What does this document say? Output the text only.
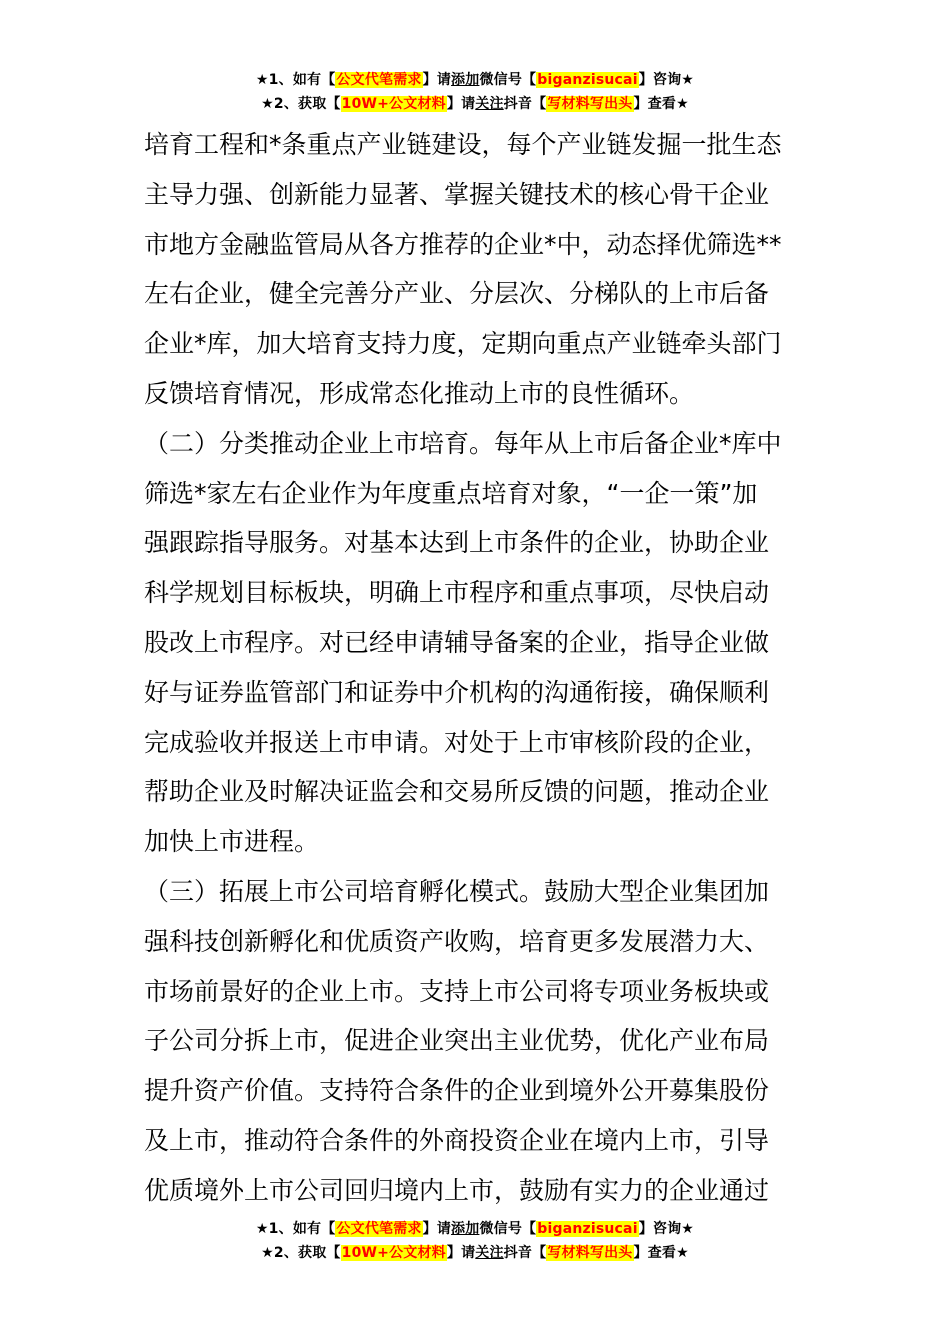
★1、如有【公文代笔需求】请添加微信号【biganzisucai】咨询★
★2、获取【10W+公文材料】请关注抖音【写材料写出头】查看★
培育工程和*条重点产业链建设，每个产业链发掘一批生态
主导力强、创新能力显著、掌握关键技术的核心骨干企业
市地方金融监管局从各方推荐的企业*中，动态择优筛选**
左右企业，健全完善分产业、分层次、分梯队的上市后备
企业*库，加大培育支持力度，定期向重点产业链牵头部门
反馈培育情况，形成常态化推动上市的良性循环。
（二）分类推动企业上市培育。每年从上市后备企业*库中
筛选*家左右企业作为年度重点培育对象，“一企一策”加
强跟踪指导服务。对基本达到上市条件的企业，协助企业
科学规划目标板块，明确上市程序和重点事项，尽快启动
股改上市程序。对已经申请辅导备案的企业，指导企业做
好与证券监管部门和证券中介机构的沟通衔接，确保顺利
完成验收并报送上市申请。对处于上市审核阶段的企业，
帮助企业及时解决证监会和交易所反馈的问题，推动企业
加快上市进程。
（三）拓展上市公司培育孵化模式。鼓励大型企业集团加
强科技创新孵化和优质资产收购，培育更多发展潜力大、
市场前景好的企业上市。支持上市公司将专项业务板块或
子公司分拆上市，促进企业突出主业优势，优化产业布局
提升资产价值。支持符合条件的企业到境外公开募集股份
及上市，推动符合条件的外商投资企业在境内上市，引导
优质境外上市公司回归境内上市，鼓励有实力的企业通过
★1、如有【公文代笔需求】请添加微信号【biganzisucai】咨询★
★2、获取【10W+公文材料】请关注抖音【写材料写出头】查看★
